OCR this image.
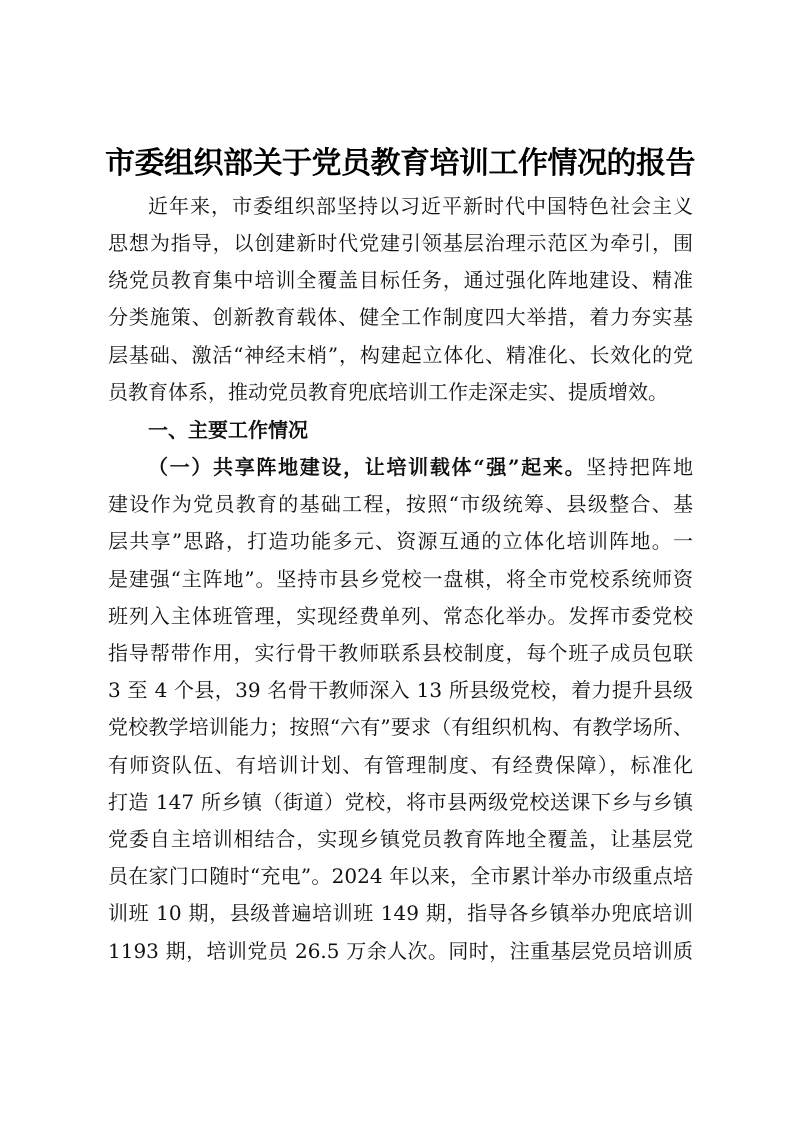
市委组织部关于党员教育培训工作情况的报告
近年来，市委组织部坚持以习近平新时代中国特色社会主义
思想为指导，以创建新时代党建引领基层治理示范区为牵引，围
绕党员教育集中培训全覆盖目标任务，通过强化阵地建设、精准
分类施策、创新教育载体、健全工作制度四大举措，着力夯实基
层基础、激活“神经末梢”，构建起立体化、精准化、长效化的党
员教育体系，推动党员教育兜底培训工作走深走实、提质增效。
一、主要工作情况
（一）共享阵地建设，让培训载体“强”起来。坚持把阵地
建设作为党员教育的基础工程，按照“市级统筹、县级整合、基
层共享”思路，打造功能多元、资源互通的立体化培训阵地。一
是建强“主阵地”。坚持市县乡党校一盘棋，将全市党校系统师资
班列入主体班管理，实现经费单列、常态化举办。发挥市委党校
指导帮带作用，实行骨干教师联系县校制度，每个班子成员包联
3 至 4 个县，39 名骨干教师深入 13 所县级党校，着力提升县级
党校教学培训能力；按照“六有”要求（有组织机构、有教学场所、
有师资队伍、有培训计划、有管理制度、有经费保障），标准化
打造 147 所乡镇（街道）党校，将市县两级党校送课下乡与乡镇
党委自主培训相结合，实现乡镇党员教育阵地全覆盖，让基层党
员在家门口随时“充电”。2024 年以来，全市累计举办市级重点培
训班 10 期，县级普遍培训班 149 期，指导各乡镇举办兜底培训
1193 期，培训党员 26.5 万余人次。同时，注重基层党员培训质
